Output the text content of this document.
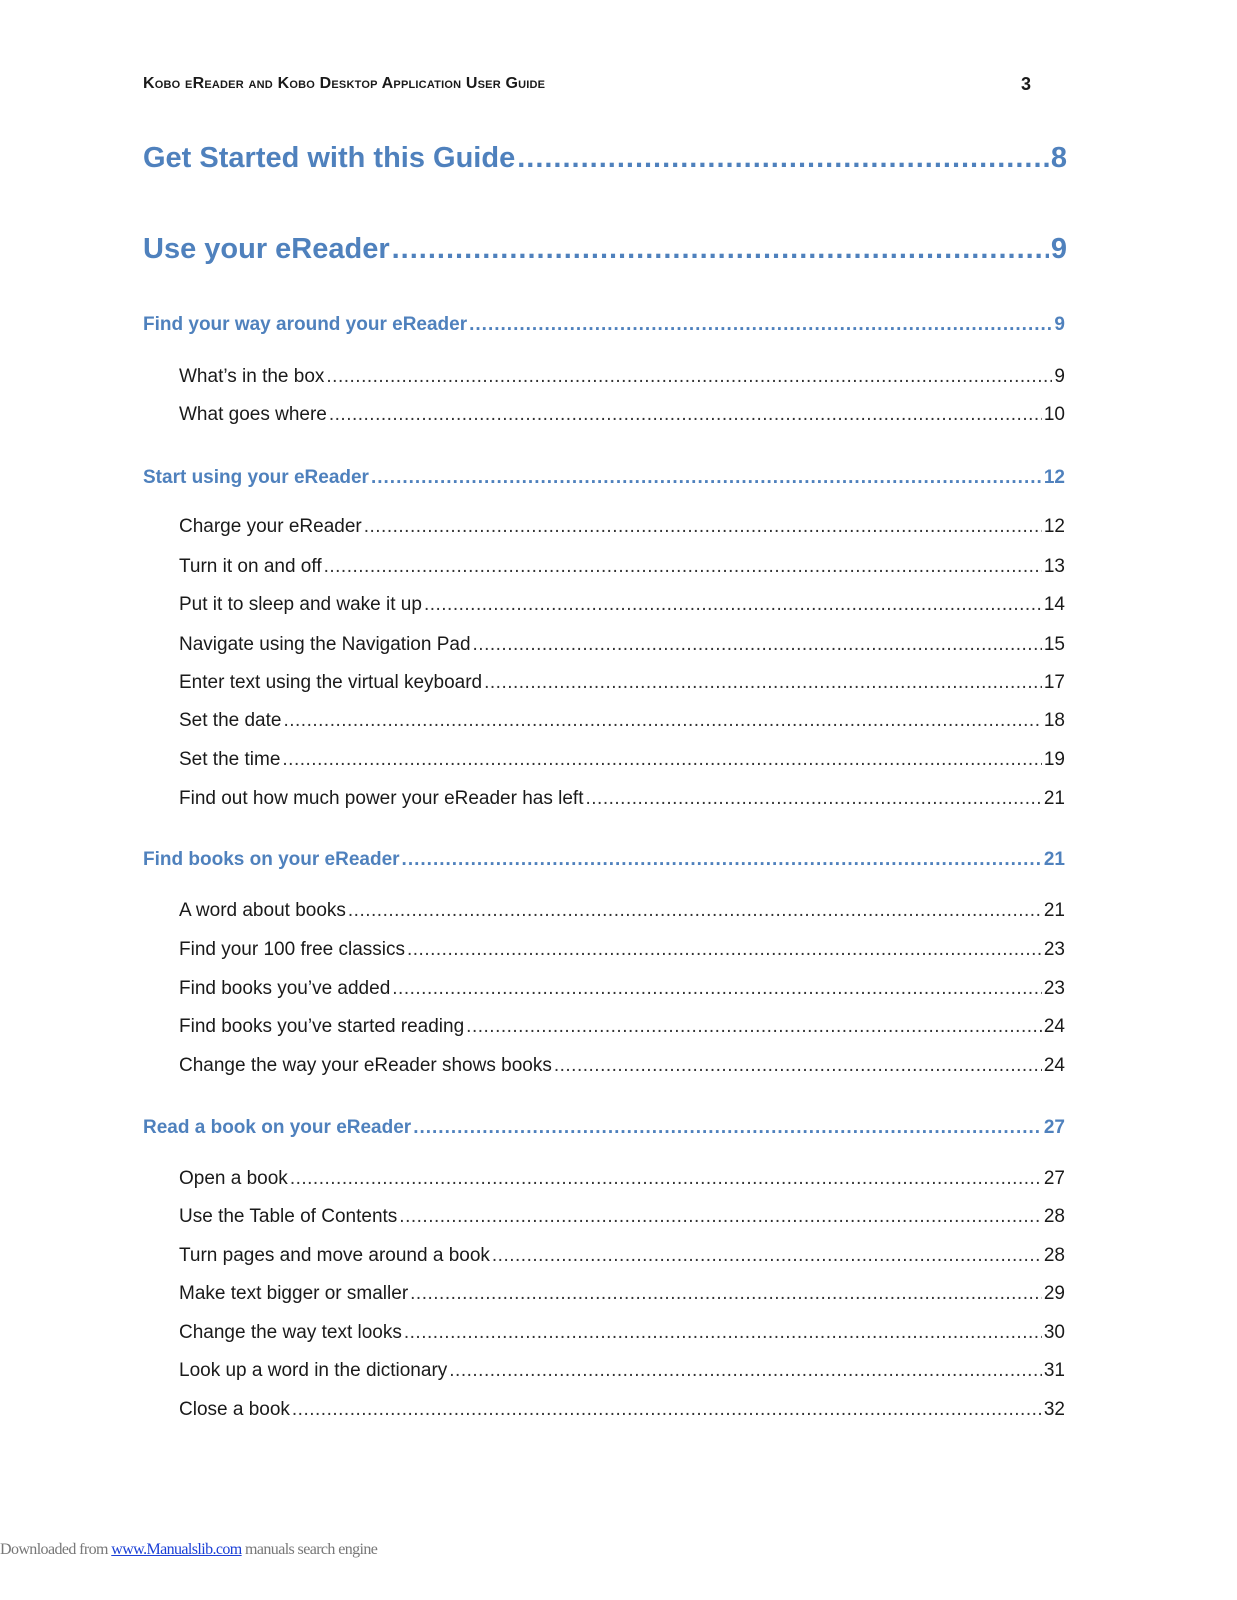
Kobo eReader and Kobo Desktop Application User Guide	3
Get Started with this Guide .....	8
Use your eReader .....	9
Find your way around your eReader .....	9
What’s in the box .....	9
What goes where .....	10
Start using your eReader .....	12
Charge your eReader .....	12
Turn it on and off .....	13
Put it to sleep and wake it up .....	14
Navigate using the Navigation Pad .....	15
Enter text using the virtual keyboard .....	17
Set the date .....	18
Set the time .....	19
Find out how much power your eReader has left .....	21
Find books on your eReader .....	21
A word about books .....	21
Find your 100 free classics .....	23
Find books you’ve added .....	23
Find books you’ve started reading .....	24
Change the way your eReader shows books .....	24
Read a book on your eReader .....	27
Open a book .....	27
Use the Table of Contents .....	28
Turn pages and move around a book .....	28
Make text bigger or smaller .....	29
Change the way text looks .....	30
Look up a word in the dictionary .....	31
Close a book .....	32
Downloaded from www.Manualslib.com manuals search engine
